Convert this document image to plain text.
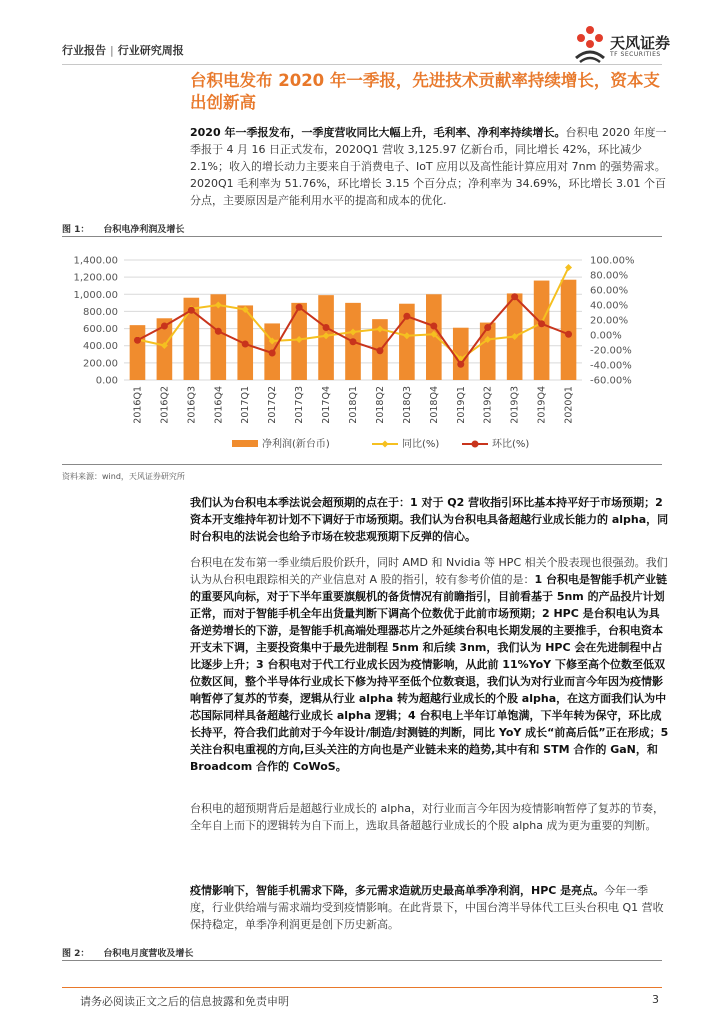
行业报告 | 行业研究周报	天风证券
TF SECURITIES
台积电发布 2020 年一季报，先进技术贡献率持续增长，资本支出创新高

2020 年一季报发布，一季度营收同比大幅上升，毛利率、净利率持续增长。台积电 2020 年度一季报于 4 月 16 日正式发布，2020Q1 营收 3,125.97 亿新台币，同比增长 42%，环比减少 2.1%；收入的增长动力主要来自于消费电子、IoT 应用以及高性能计算应用对 7nm 的强势需求。2020Q1 毛利率为 51.76%，环比增长 3.15 个百分点；净利率为 34.69%，环比增长 3.01 个百分点，主要原因是产能利用水平的提高和成本的优化.

图 1： 台积电净利润及增长
0.00
200.00
400.00
600.00
800.00
1,000.00
1,200.00
1,400.00
-60.00%
-40.00%
-20.00%
0.00%
20.00%
40.00%
60.00%
80.00%
100.00%
2016Q1 2016Q2 2016Q3 2016Q4 2017Q1 2017Q2 2017Q3 2017Q4 2018Q1 2018Q2 2018Q3 2018Q4 2019Q1 2019Q2 2019Q3 2019Q4 2020Q1
净利润(新台币)	同比(%)	环比(%)
资料来源：wind，天风证券研究所

我们认为台积电本季法说会超预期的点在于：1 对于 Q2 营收指引环比基本持平好于市场预期；2 资本开支维持年初计划不下调好于市场预期。我们认为台积电具备超越行业成长能力的 alpha，同时台积电的法说会也给予市场在较悲观预期下反弹的信心。

台积电在发布第一季业绩后股价跃升，同时 AMD 和 Nvidia 等 HPC 相关个股表现也很强劲。我们认为从台积电跟踪相关的产业信息对 A 股的指引，较有参考价值的是：1 台积电是智能手机产业链的重要风向标，对于下半年重要旗舰机的备货情况有前瞻指引，目前看基于 5nm 的产品投片计划正常，而对于智能手机全年出货量判断下调高个位数优于此前市场预期；2 HPC 是台积电认为具备逆势增长的下游，是智能手机高端处理器芯片之外延续台积电长期发展的主要推手，台积电资本开支未下调，主要投资集中于最先进制程 5nm 和后续 3nm，我们认为 HPC 会在先进制程中占比逐步上升；3 台积电对于代工行业成长因为疫情影响，从此前 11%YoY 下修至高个位数至低双位数区间，整个半导体行业成长下修为持平至低个位数衰退，我们认为对行业而言今年因为疫情影响暂停了复苏的节奏，逻辑从行业 alpha 转为超越行业成长的个股 alpha，在这方面我们认为中芯国际同样具备超越行业成长 alpha 逻辑；4 台积电上半年订单饱满，下半年转为保守，环比成长持平，符合我们此前对于今年设计/制造/封测链的判断，同比 YoY 成长“前高后低”正在形成；5 关注台积电重视的方向,巨头关注的方向也是产业链未来的趋势,其中有和 STM 合作的 GaN，和 Broadcom 合作的 CoWoS。

台积电的超预期背后是超越行业成长的 alpha，对行业而言今年因为疫情影响暂停了复苏的节奏，全年自上而下的逻辑转为自下而上，选取具备超越行业成长的个股 alpha 成为更为重要的判断。

疫情影响下，智能手机需求下降，多元需求造就历史最高单季净利润，HPC 是亮点。今年一季度，行业供给端与需求端均受到疫情影响。在此背景下，中国台湾半导体代工巨头台积电 Q1 营收保持稳定，单季净利润更是创下历史新高。

图 2： 台积电月度营收及增长
请务必阅读正文之后的信息披露和免责申明	3
